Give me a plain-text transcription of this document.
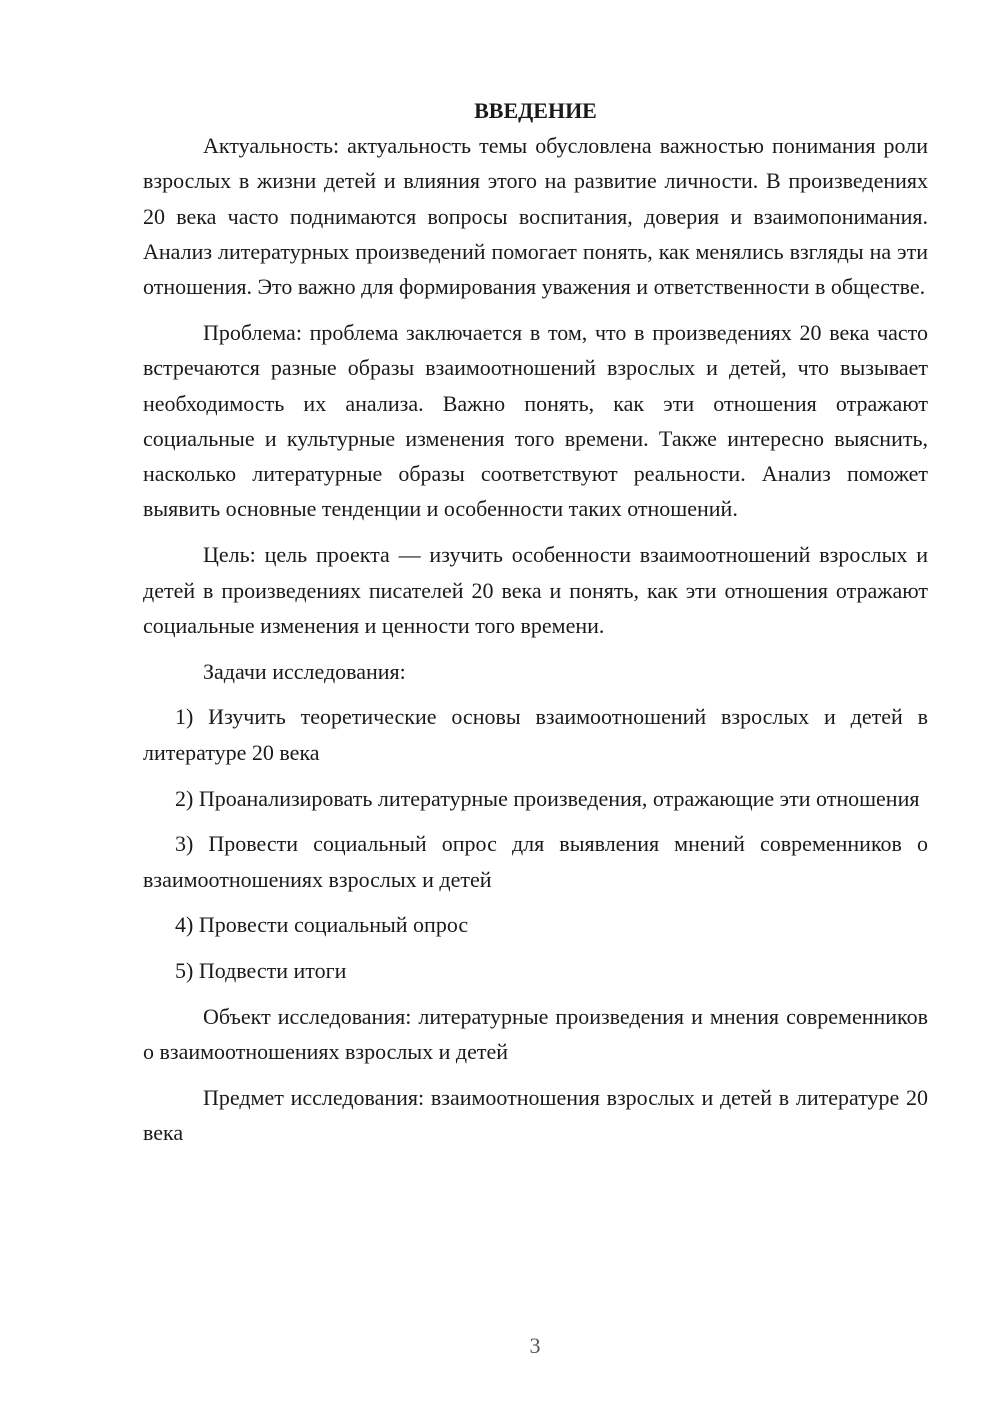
ВВЕДЕНИЕ

Актуальность: актуальность темы обусловлена важностью понимания роли взрослых в жизни детей и влияния этого на развитие личности. В произведениях 20 века часто поднимаются вопросы воспитания, доверия и взаимопонимания. Анализ литературных произведений помогает понять, как менялись взгляды на эти отношения. Это важно для формирования уважения и ответственности в обществе.

Проблема: проблема заключается в том, что в произведениях 20 века часто встречаются разные образы взаимоотношений взрослых и детей, что вызывает необходимость их анализа. Важно понять, как эти отношения отражают социальные и культурные изменения того времени. Также интересно выяснить, насколько литературные образы соответствуют реальности. Анализ поможет выявить основные тенденции и особенности таких отношений.

Цель: цель проекта — изучить особенности взаимоотношений взрослых и детей в произведениях писателей 20 века и понять, как эти отношения отражают социальные изменения и ценности того времени.

Задачи исследования:

1) Изучить теоретические основы взаимоотношений взрослых и детей в литературе 20 века

2) Проанализировать литературные произведения, отражающие эти отношения

3) Провести социальный опрос для выявления мнений современников о взаимоотношениях взрослых и детей

4) Провести социальный опрос

5) Подвести итоги

Объект исследования: литературные произведения и мнения современников о взаимоотношениях взрослых и детей

Предмет исследования: взаимоотношения взрослых и детей в литературе 20 века

3
